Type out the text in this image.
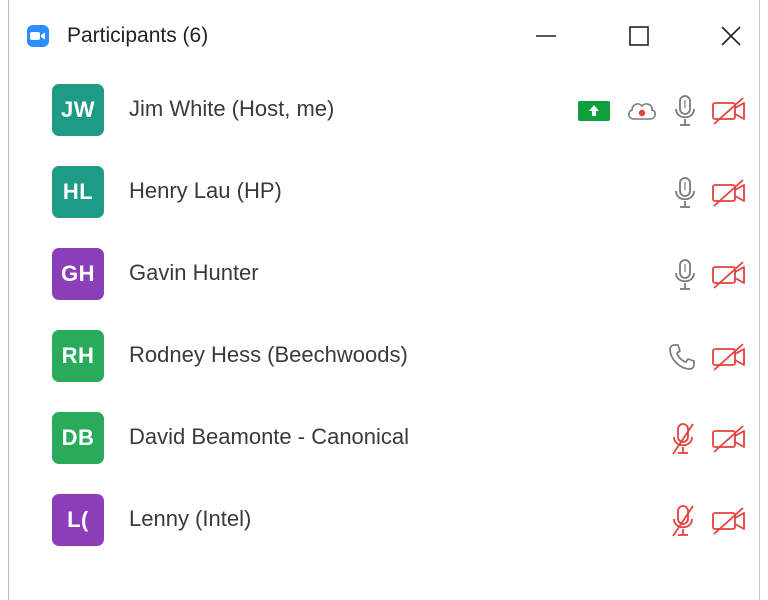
Participants (6)
JW	Jim White (Host, me)
HL	Henry Lau (HP)
GH	Gavin Hunter
RH	Rodney Hess (Beechwoods)
DB	David Beamonte - Canonical
L(	Lenny (Intel)
